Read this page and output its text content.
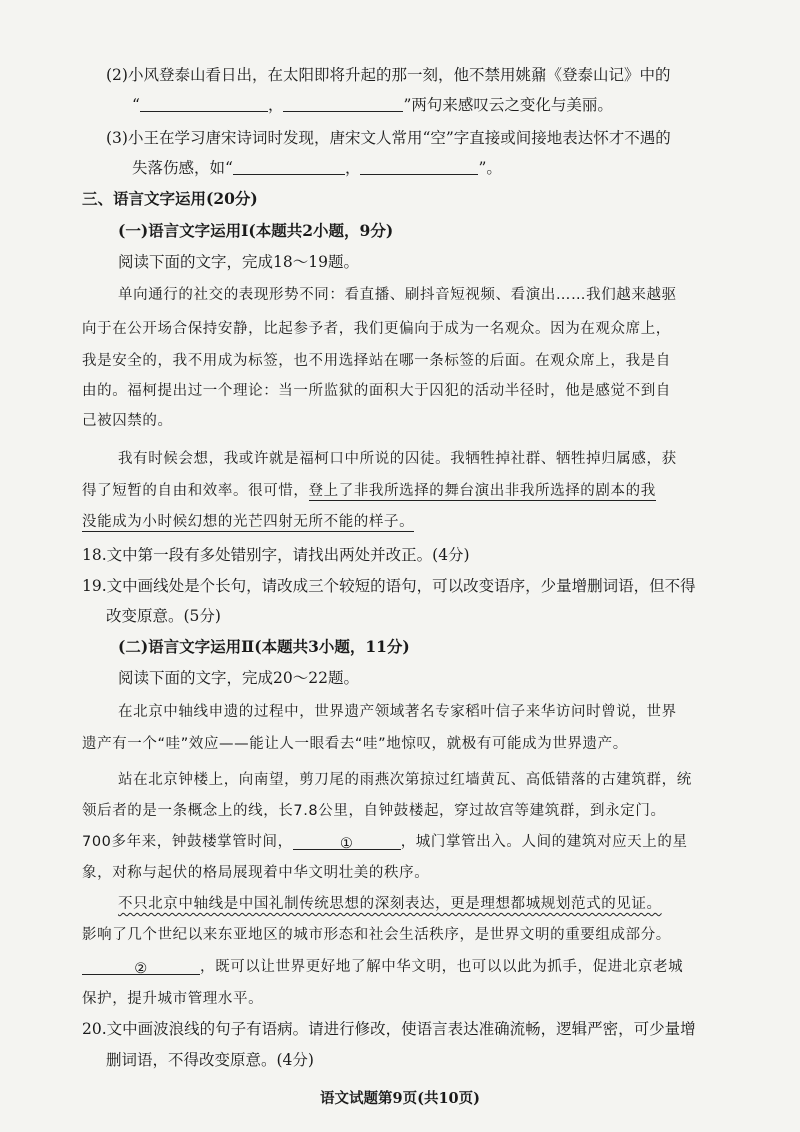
(2)小风登泰山看日出，在太阳即将升起的那一刻，他不禁用姚鼐《登泰山记》中的
“	，	”两句来感叹云之变化与美丽。
(3)小王在学习唐宋诗词时发现，唐宋文人常用“空”字直接或间接地表达怀才不遇的
失落伤感，如“	，	”。
三、语言文字运用(20分)
(一)语言文字运用Ⅰ(本题共2小题，9分)
阅读下面的文字，完成18～19题。
单向通行的社交的表现形势不同：看直播、刷抖音短视频、看演出……我们越来越驱
向于在公开场合保持安静，比起参予者，我们更偏向于成为一名观众。因为在观众席上，
我是安全的，我不用成为标签，也不用选择站在哪一条标签的后面。在观众席上，我是自
由的。福柯提出过一个理论：当一所监狱的面积大于囚犯的活动半径时，他是感觉不到自
己被囚禁的。
我有时候会想，我或许就是福柯口中所说的囚徒。我牺牲掉社群、牺牲掉归属感，获
得了短暂的自由和效率。很可惜，登上了非我所选择的舞台演出非我所选择的剧本的我
没能成为小时候幻想的光芒四射无所不能的样子。
18.文中第一段有多处错别字，请找出两处并改正。(4分)
19.文中画线处是个长句，请改成三个较短的语句，可以改变语序，少量增删词语，但不得
改变原意。(5分)
(二)语言文字运用Ⅱ(本题共3小题，11分)
阅读下面的文字，完成20～22题。
在北京中轴线申遗的过程中，世界遗产领域著名专家稻叶信子来华访问时曾说，世界
遗产有一个“哇”效应——能让人一眼看去“哇”地惊叹，就极有可能成为世界遗产。
站在北京钟楼上，向南望，剪刀尾的雨燕次第掠过红墙黄瓦、高低错落的古建筑群，统
领后者的是一条概念上的线，长7.8公里，自钟鼓楼起，穿过故宫等建筑群，到永定门。
700多年来，钟鼓楼掌管时间，	①	，城门掌管出入。人间的建筑对应天上的星
象，对称与起伏的格局展现着中华文明壮美的秩序。
不只北京中轴线是中国礼制传统思想的深刻表达，更是理想都城规划范式的见证。
影响了几个世纪以来东亚地区的城市形态和社会生活秩序，是世界文明的重要组成部分。
②	，既可以让世界更好地了解中华文明，也可以以此为抓手，促进北京老城
保护，提升城市管理水平。
20.文中画波浪线的句子有语病。请进行修改，使语言表达准确流畅，逻辑严密，可少量增
删词语，不得改变原意。(4分)
语文试题第9页(共10页)
